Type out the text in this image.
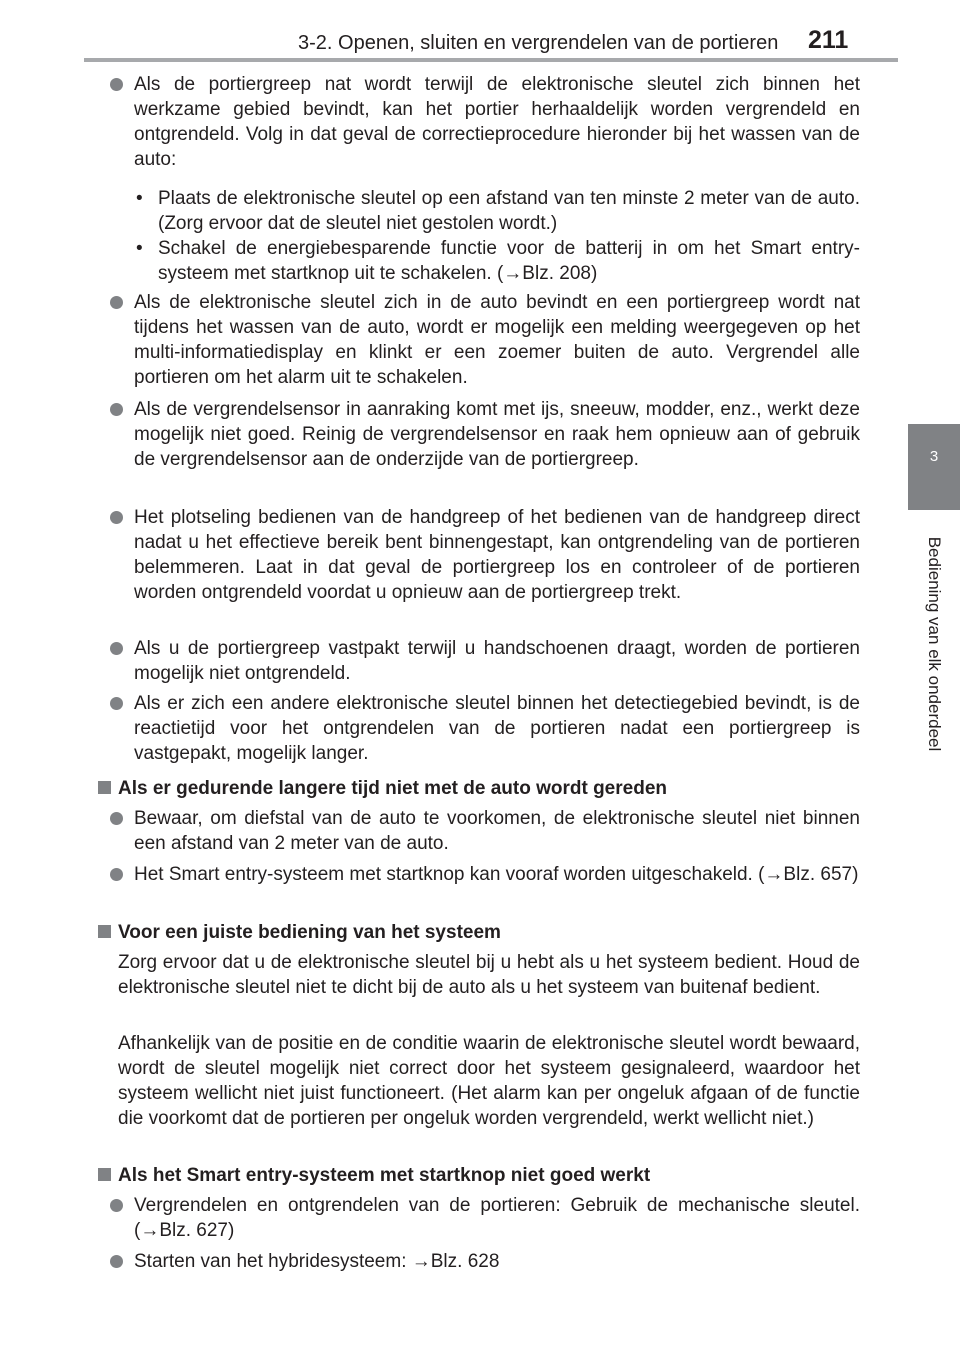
3-2. Openen, sluiten en vergrendelen van de portieren	211
3
Bediening van elk onderdeel
Als de portiergreep nat wordt terwijl de elektronische sleutel zich binnen het werkzame gebied bevindt, kan het portier herhaaldelijk worden vergrendeld en ontgrendeld. Volg in dat geval de correctieprocedure hieronder bij het wassen van de auto:
• Plaats de elektronische sleutel op een afstand van ten minste 2 meter van de auto. (Zorg ervoor dat de sleutel niet gestolen wordt.)
• Schakel de energiebesparende functie voor de batterij in om het Smart entry-systeem met startknop uit te schakelen. (→Blz. 208)
Als de elektronische sleutel zich in de auto bevindt en een portiergreep wordt nat tijdens het wassen van de auto, wordt er mogelijk een melding weergegeven op het multi-informatiedisplay en klinkt er een zoemer buiten de auto. Vergrendel alle portieren om het alarm uit te schakelen.
Als de vergrendelsensor in aanraking komt met ijs, sneeuw, modder, enz., werkt deze mogelijk niet goed. Reinig de vergrendelsensor en raak hem opnieuw aan of gebruik de vergrendelsensor aan de onderzijde van de portiergreep.
Het plotseling bedienen van de handgreep of het bedienen van de handgreep direct nadat u het effectieve bereik bent binnengestapt, kan ontgrendeling van de portieren belemmeren. Laat in dat geval de portiergreep los en controleer of de portieren worden ontgrendeld voordat u opnieuw aan de portiergreep trekt.
Als u de portiergreep vastpakt terwijl u handschoenen draagt, worden de portieren mogelijk niet ontgrendeld.
Als er zich een andere elektronische sleutel binnen het detectiegebied bevindt, is de reactietijd voor het ontgrendelen van de portieren nadat een portiergreep is vastgepakt, mogelijk langer.
Als er gedurende langere tijd niet met de auto wordt gereden
Bewaar, om diefstal van de auto te voorkomen, de elektronische sleutel niet binnen een afstand van 2 meter van de auto.
Het Smart entry-systeem met startknop kan vooraf worden uitgeschakeld. (→Blz. 657)
Voor een juiste bediening van het systeem
Zorg ervoor dat u de elektronische sleutel bij u hebt als u het systeem bedient. Houd de elektronische sleutel niet te dicht bij de auto als u het systeem van buitenaf bedient.
Afhankelijk van de positie en de conditie waarin de elektronische sleutel wordt bewaard, wordt de sleutel mogelijk niet correct door het systeem gesignaleerd, waardoor het systeem wellicht niet juist functioneert. (Het alarm kan per ongeluk afgaan of de functie die voorkomt dat de portieren per ongeluk worden vergrendeld, werkt wellicht niet.)
Als het Smart entry-systeem met startknop niet goed werkt
Vergrendelen en ontgrendelen van de portieren: Gebruik de mechanische sleutel. (→Blz. 627)
Starten van het hybridesysteem: →Blz. 628
